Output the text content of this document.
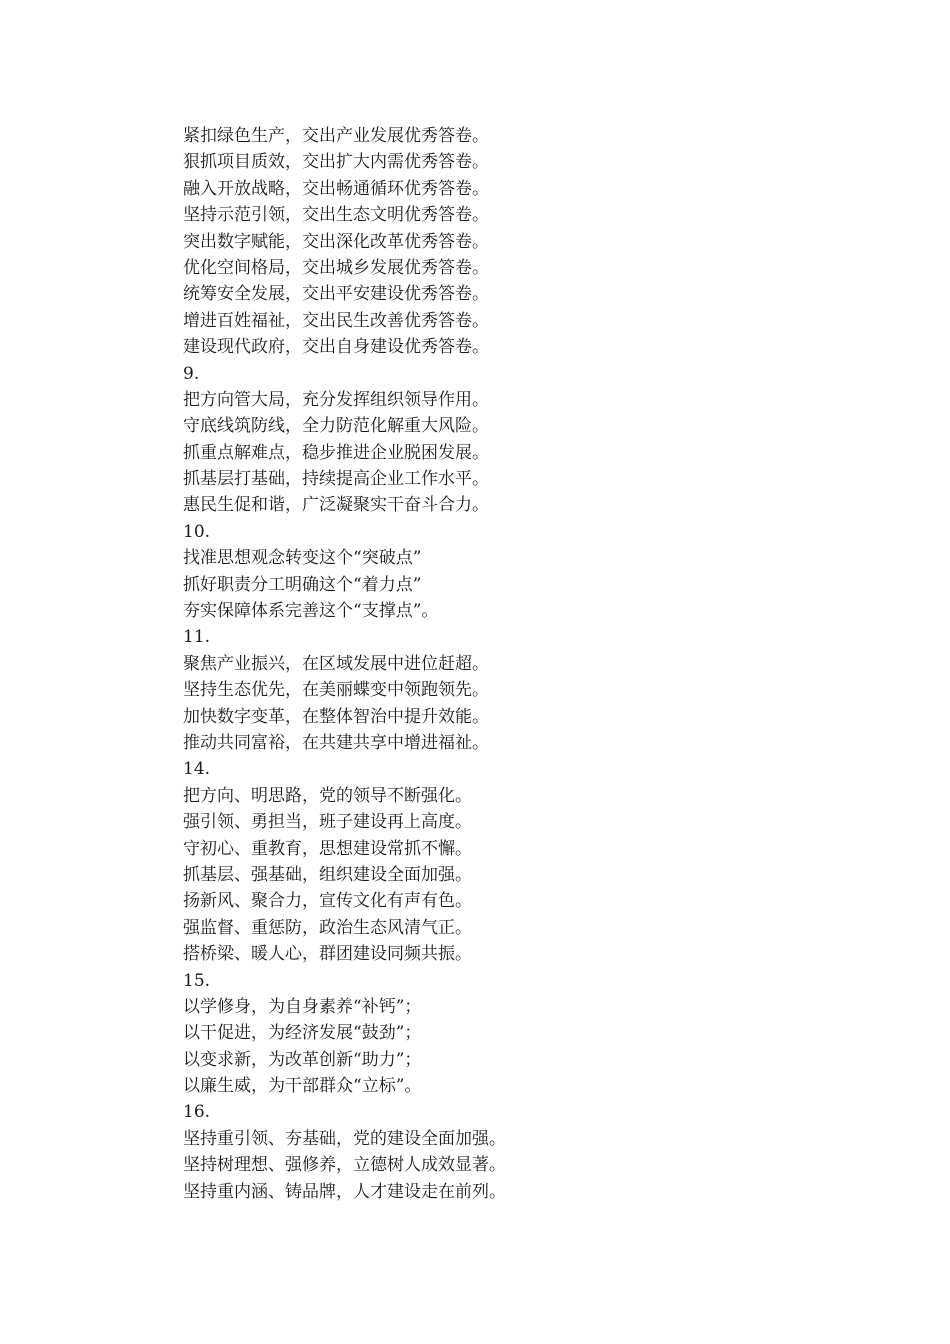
紧扣绿色生产，交出产业发展优秀答卷。

狠抓项目质效，交出扩大内需优秀答卷。

融入开放战略，交出畅通循环优秀答卷。

坚持示范引领，交出生态文明优秀答卷。

突出数字赋能，交出深化改革优秀答卷。

优化空间格局，交出城乡发展优秀答卷。

统筹安全发展，交出平安建设优秀答卷。

增进百姓福祉，交出民生改善优秀答卷。

建设现代政府，交出自身建设优秀答卷。

9.

把方向管大局，充分发挥组织领导作用。

守底线筑防线，全力防范化解重大风险。

抓重点解难点，稳步推进企业脱困发展。

抓基层打基础，持续提高企业工作水平。

惠民生促和谐，广泛凝聚实干奋斗合力。

10.

找准思想观念转变这个“突破点”

抓好职责分工明确这个“着力点”

夯实保障体系完善这个“支撑点”。

11.

聚焦产业振兴，在区域发展中进位赶超。

坚持生态优先，在美丽蝶变中领跑领先。

加快数字变革，在整体智治中提升效能。

推动共同富裕，在共建共享中增进福祉。

14.

把方向、明思路，党的领导不断强化。

强引领、勇担当，班子建设再上高度。

守初心、重教育，思想建设常抓不懈。

抓基层、强基础，组织建设全面加强。

扬新风、聚合力，宣传文化有声有色。

强监督、重惩防，政治生态风清气正。

搭桥梁、暖人心，群团建设同频共振。

15.

以学修身，为自身素养“补钙”；

以干促进，为经济发展“鼓劲”；

以变求新，为改革创新“助力”；

以廉生威，为干部群众“立标”。

16.

坚持重引领、夯基础，党的建设全面加强。

坚持树理想、强修养，立德树人成效显著。

坚持重内涵、铸品牌，人才建设走在前列。
